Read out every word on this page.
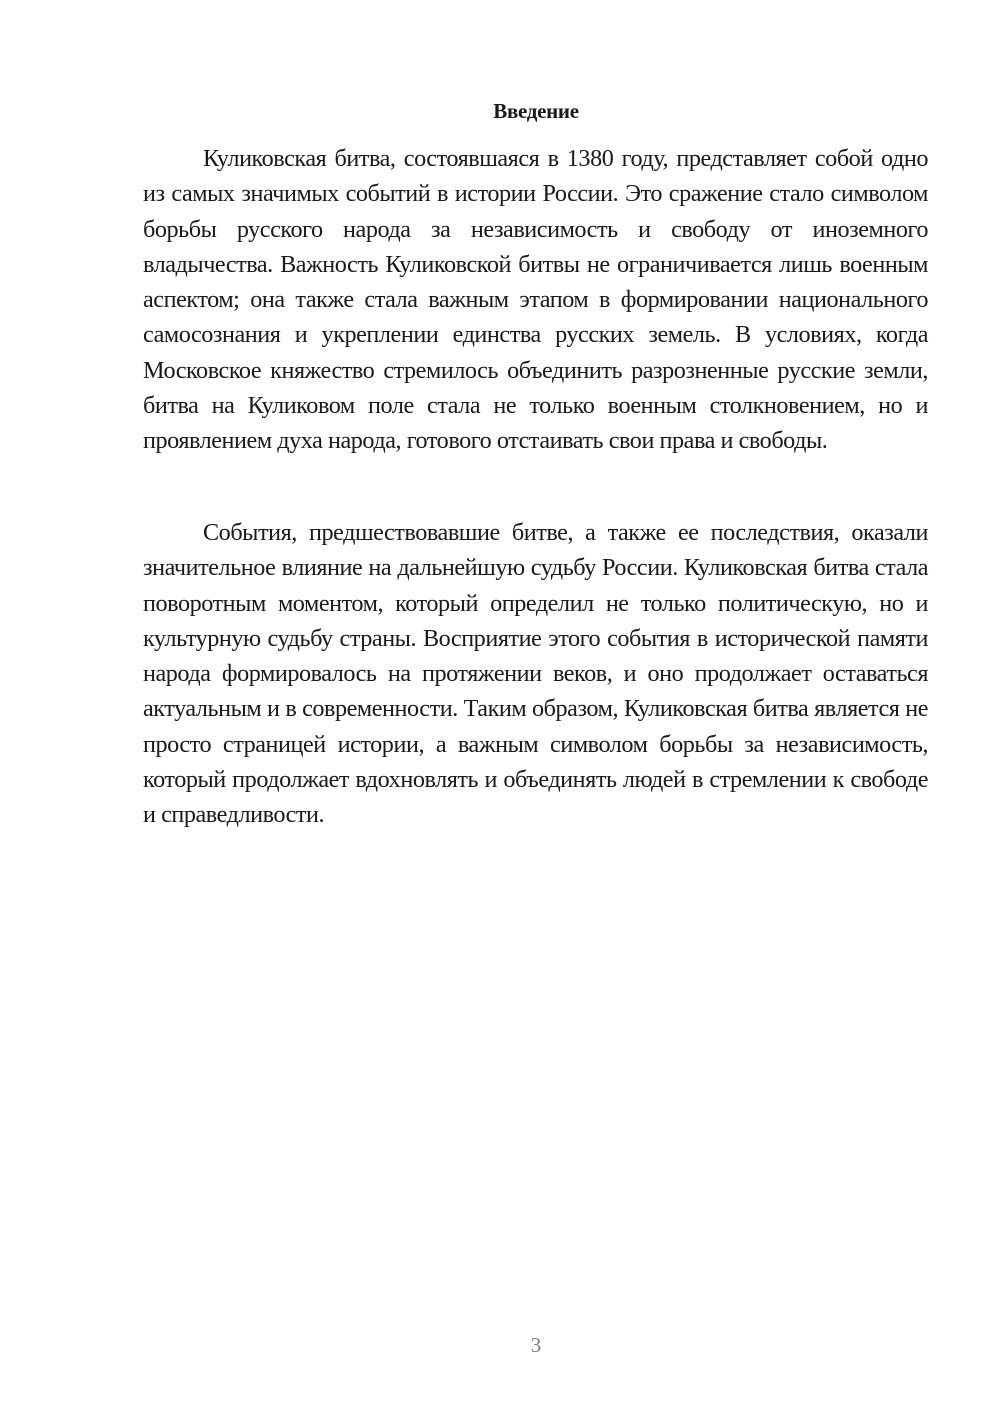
Введение

Куликовская битва, состоявшаяся в 1380 году, представляет собой одно из самых значимых событий в истории России. Это сражение стало символом борьбы русского народа за независимость и свободу от иноземного владычества. Важность Куликовской битвы не ограничивается лишь военным аспектом; она также стала важным этапом в формировании национального самосознания и укреплении единства русских земель. В условиях, когда Московское княжество стремилось объединить разрозненные русские земли, битва на Куликовом поле стала не только военным столкновением, но и проявлением духа народа, готового отстаивать свои права и свободы.

События, предшествовавшие битве, а также ее последствия, оказали значительное влияние на дальнейшую судьбу России. Куликовская битва стала поворотным моментом, который определил не только политическую, но и культурную судьбу страны. Восприятие этого события в исторической памяти народа формировалось на протяжении веков, и оно продолжает оставаться актуальным и в современности. Таким образом, Куликовская битва является не просто страницей истории, а важным символом борьбы за независимость, который продолжает вдохновлять и объединять людей в стремлении к свободе и справедливости.

3
